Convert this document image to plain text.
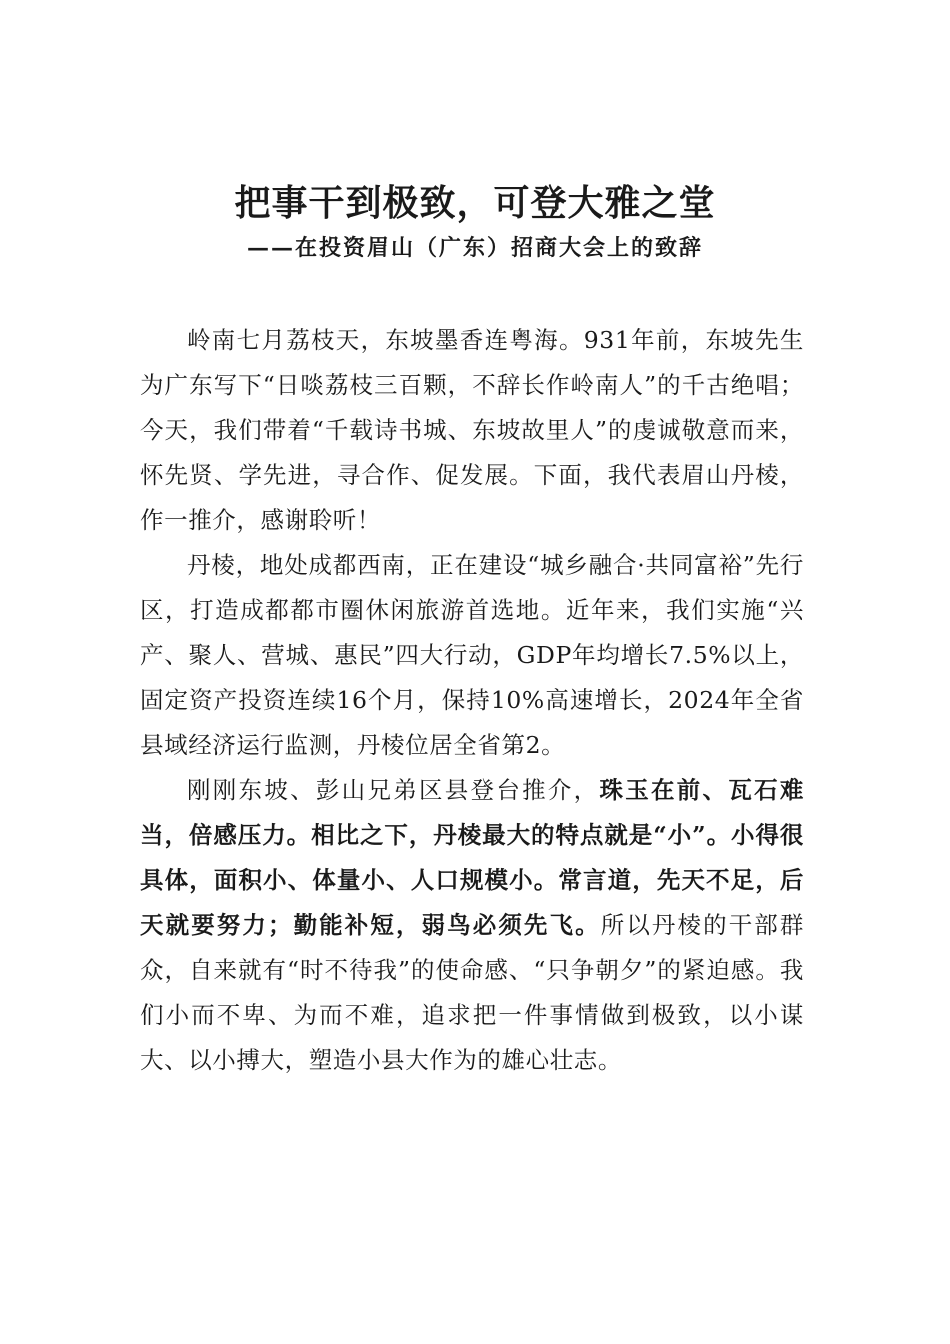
把事干到极致，可登大雅之堂
——在投资眉山（广东）招商大会上的致辞

岭南七月荔枝天，东坡墨香连粤海。931年前，东坡先生为广东写下“日啖荔枝三百颗，不辞长作岭南人”的千古绝唱；今天，我们带着“千载诗书城、东坡故里人”的虔诚敬意而来，怀先贤、学先进，寻合作、促发展。下面，我代表眉山丹棱，作一推介，感谢聆听！

丹棱，地处成都西南，正在建设“城乡融合·共同富裕”先行区，打造成都都市圈休闲旅游首选地。近年来，我们实施“兴产、聚人、营城、惠民”四大行动，GDP年均增长7.5%以上，固定资产投资连续16个月，保持10%高速增长，2024年全省县域经济运行监测，丹棱位居全省第2。

刚刚东坡、彭山兄弟区县登台推介，珠玉在前、瓦石难当，倍感压力。相比之下，丹棱最大的特点就是“小”。小得很具体，面积小、体量小、人口规模小。常言道，先天不足，后天就要努力；勤能补短，弱鸟必须先飞。所以丹棱的干部群众，自来就有“时不待我”的使命感、“只争朝夕”的紧迫感。我们小而不卑、为而不难，追求把一件事情做到极致，以小谋大、以小搏大，塑造小县大作为的雄心壮志。
